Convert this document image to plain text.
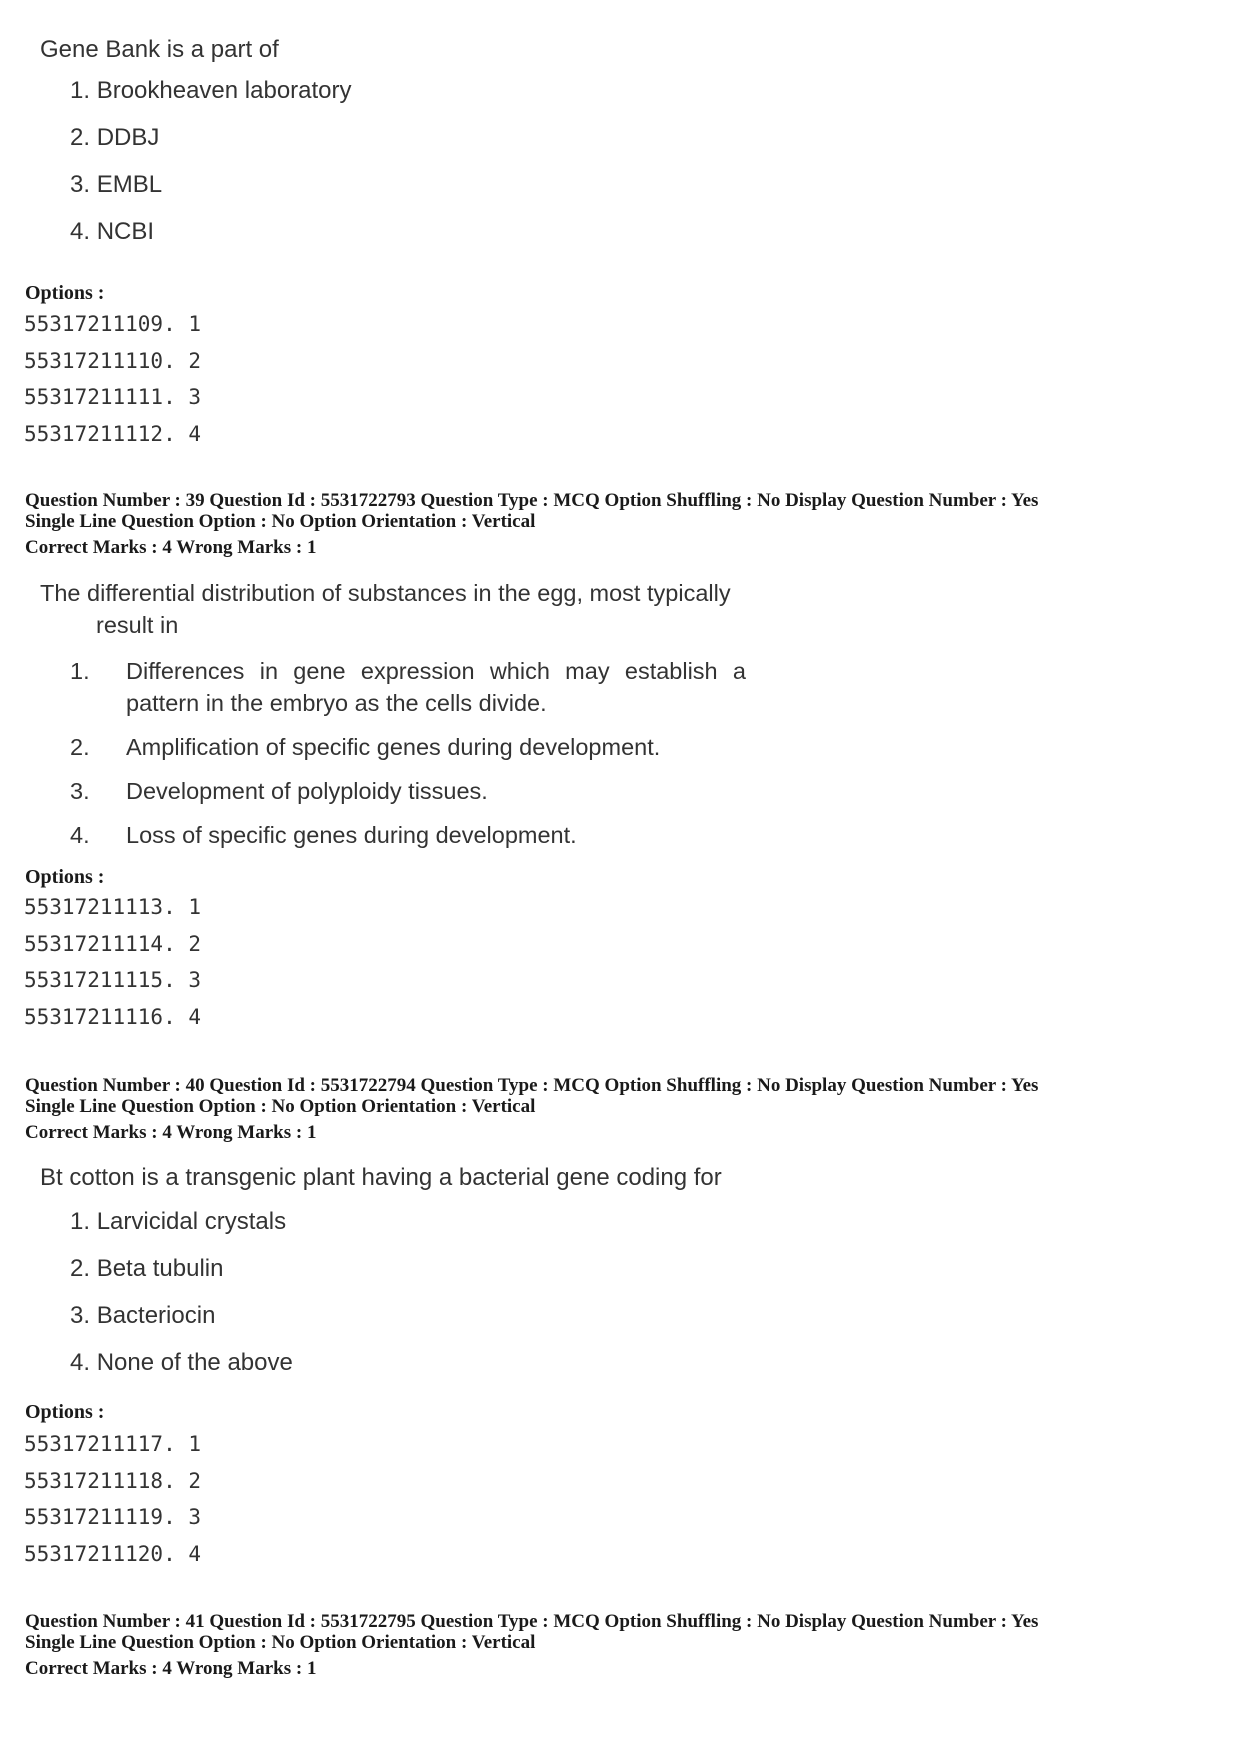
Gene Bank is a part of

1. Brookheaven laboratory
2. DDBJ
3. EMBL
4. NCBI

Options :

55317211109. 1
55317211110. 2
55317211111. 3
55317211112. 4
Question Number : 39 Question Id : 5531722793 Question Type : MCQ Option Shuffling : No Display Question Number : Yes
Single Line Question Option : No Option Orientation : Vertical
Correct Marks : 4 Wrong Marks : 1

The differential distribution of substances in the egg, most typically

result in

1.	Differences in gene expression which may establish a pattern in the embryo as the cells divide.
2.	Amplification of specific genes during development.
3.	Development of polyploidy tissues.
4.	Loss of specific genes during development.

Options :

55317211113. 1
55317211114. 2
55317211115. 3
55317211116. 4
Question Number : 40 Question Id : 5531722794 Question Type : MCQ Option Shuffling : No Display Question Number : Yes
Single Line Question Option : No Option Orientation : Vertical
Correct Marks : 4 Wrong Marks : 1

Bt cotton is a transgenic plant having a bacterial gene coding for

1. Larvicidal crystals
2. Beta tubulin
3. Bacteriocin
4. None of the above

Options :

55317211117. 1
55317211118. 2
55317211119. 3
55317211120. 4
Question Number : 41 Question Id : 5531722795 Question Type : MCQ Option Shuffling : No Display Question Number : Yes
Single Line Question Option : No Option Orientation : Vertical
Correct Marks : 4 Wrong Marks : 1
